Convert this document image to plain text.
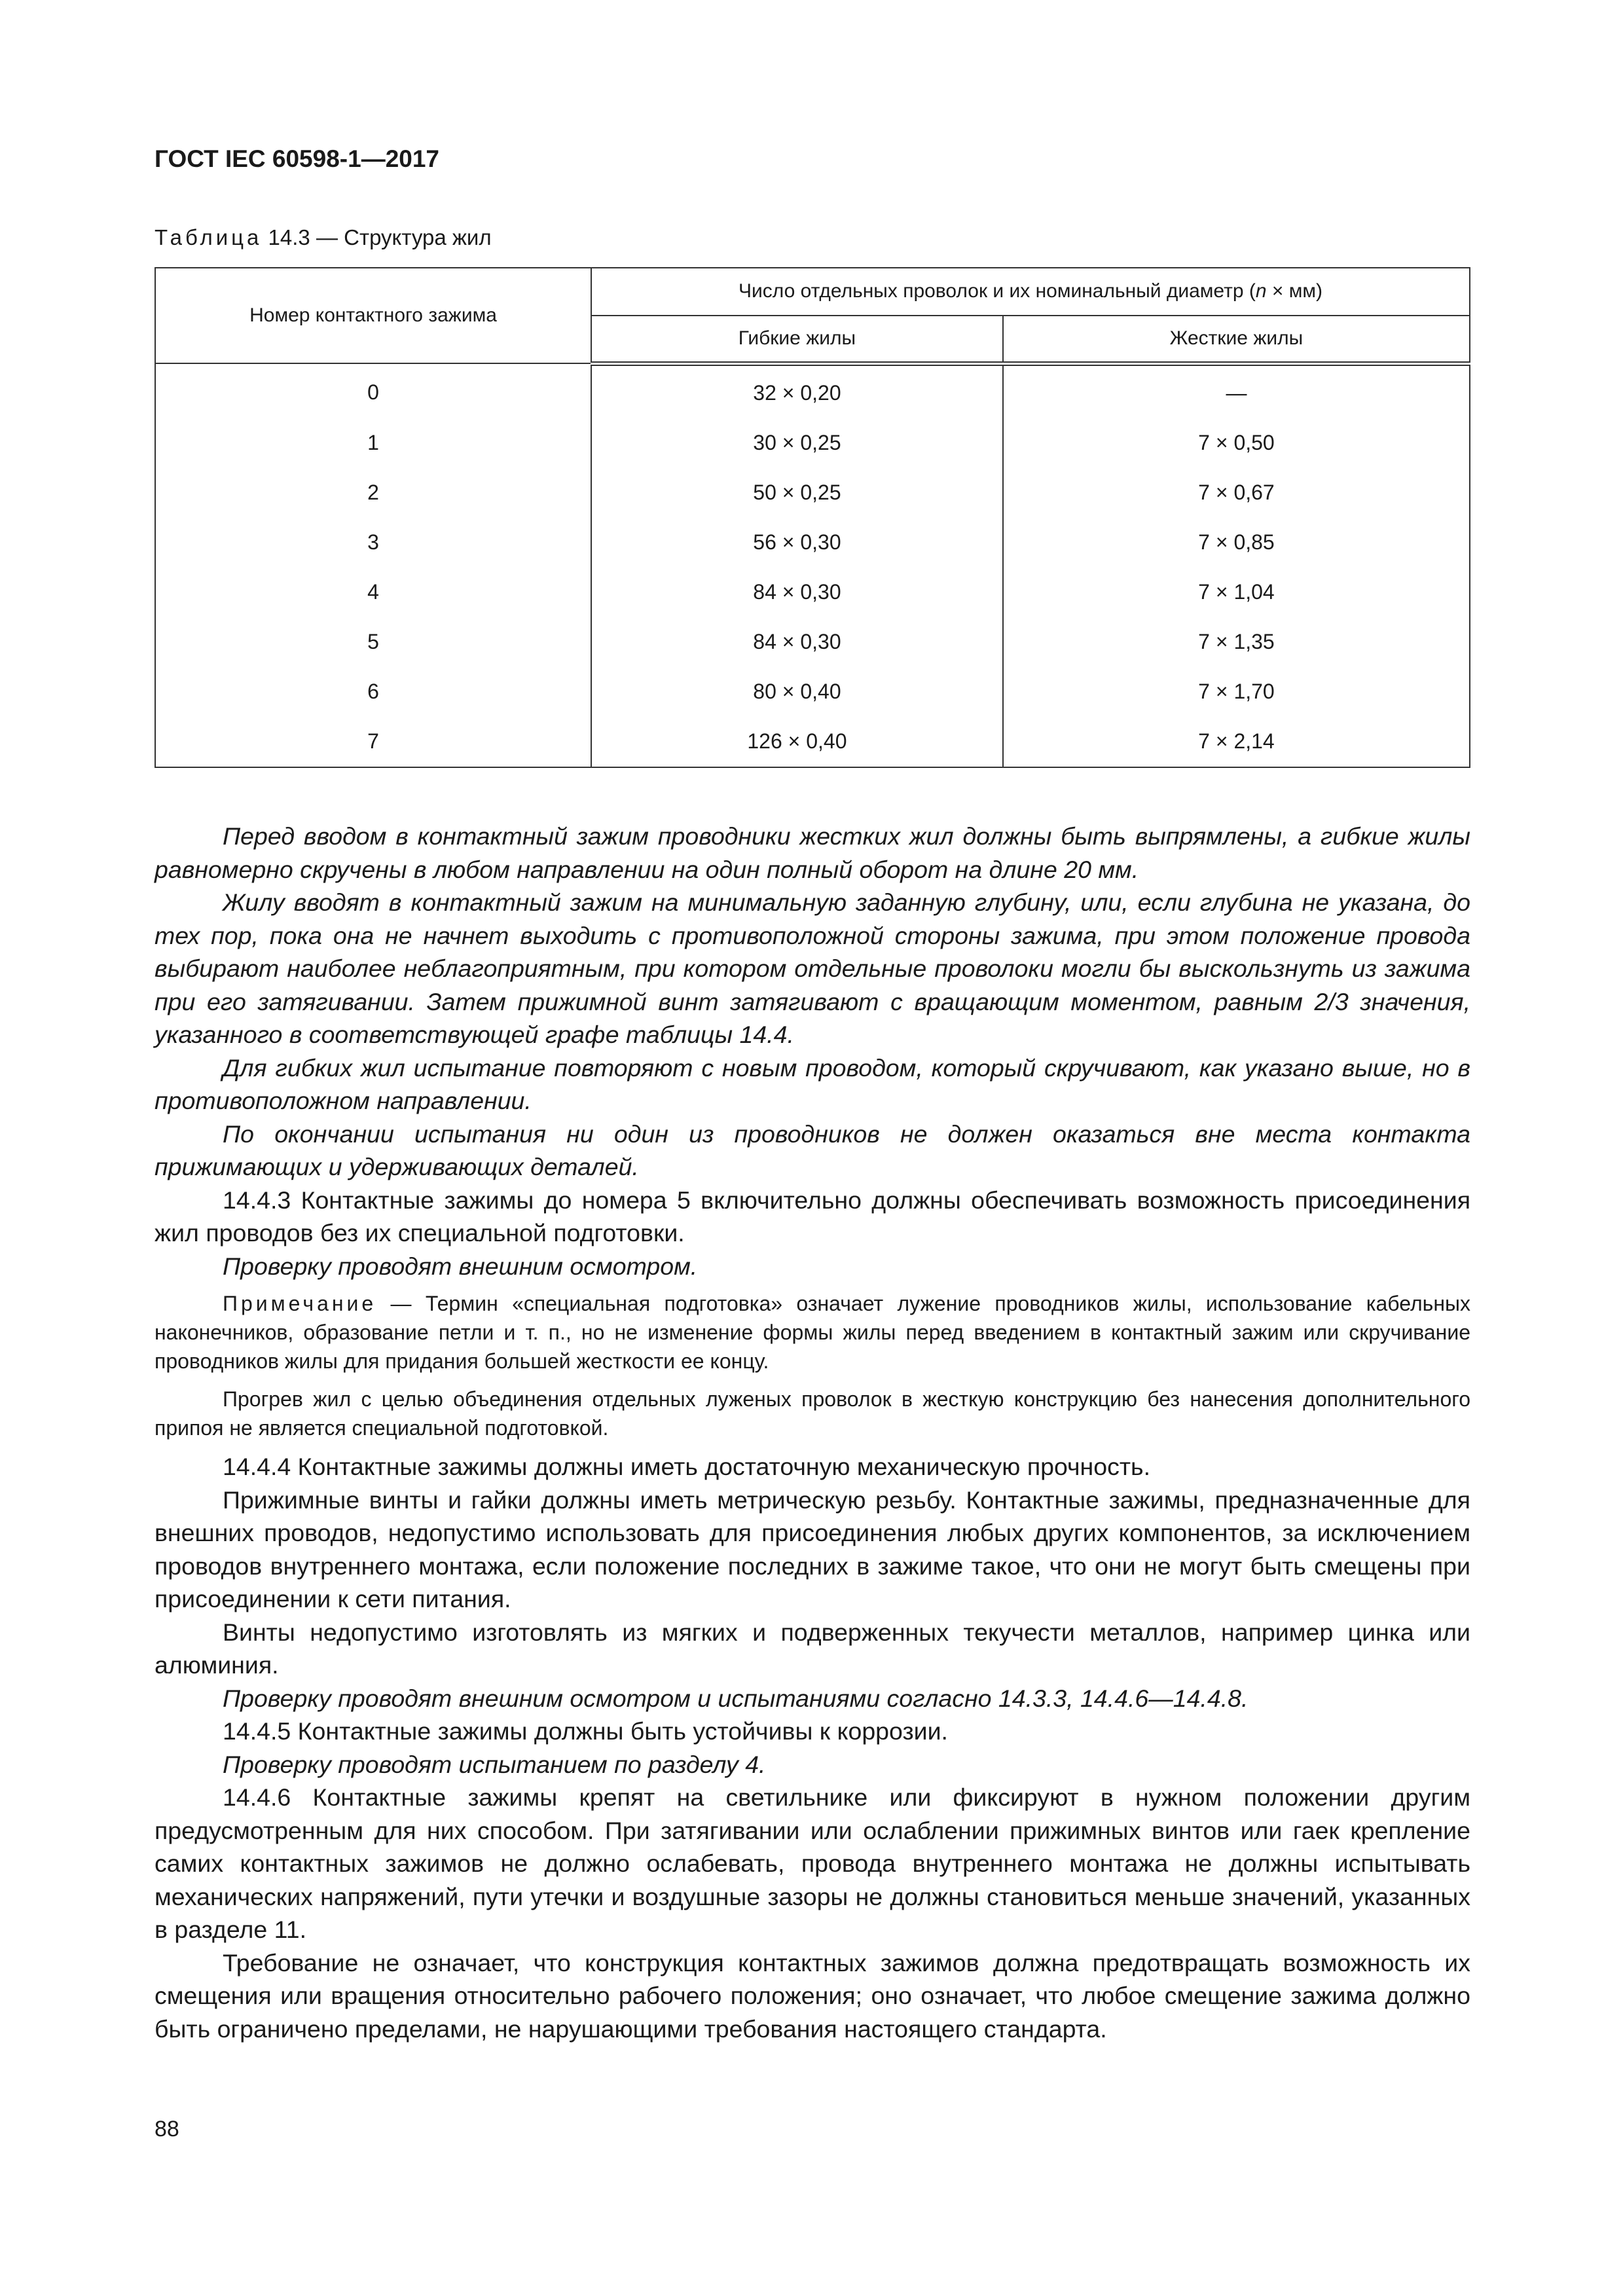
ГОСТ IEC 60598-1—2017
Таблица 14.3 — Структура жил
Номер контактного зажима	Число отдельных проволок и их номинальный диаметр (n × мм)	
	Гибкие жилы	Жесткие жилы
0	32 × 0,20	—
1	30 × 0,25	7 × 0,50
2	50 × 0,25	7 × 0,67
3	56 × 0,30	7 × 0,85
4	84 × 0,30	7 × 1,04
5	84 × 0,30	7 × 1,35
6	80 × 0,40	7 × 1,70
7	126 × 0,40	7 × 2,14

Перед вводом в контактный зажим проводники жестких жил должны быть выпрямлены, а гибкие жилы равномерно скручены в любом направлении на один полный оборот на длине 20 мм.

Жилу вводят в контактный зажим на минимальную заданную глубину, или, если глубина не указана, до тех пор, пока она не начнет выходить с противоположной стороны зажима, при этом положение провода выбирают наиболее неблагоприятным, при котором отдельные проволоки могли бы выскользнуть из зажима при его затягивании. Затем прижимной винт затягивают с вращающим моментом, равным 2/3 значения, указанного в соответствующей графе таблицы 14.4.

Для гибких жил испытание повторяют с новым проводом, который скручивают, как указано выше, но в противоположном направлении.

По окончании испытания ни один из проводников не должен оказаться вне места контакта прижимающих и удерживающих деталей.

14.4.3 Контактные зажимы до номера 5 включительно должны обеспечивать возможность присоединения жил проводов без их специальной подготовки.

Проверку проводят внешним осмотром.

Примечание — Термин «специальная подготовка» означает лужение проводников жилы, использование кабельных наконечников, образование петли и т. п., но не изменение формы жилы перед введением в контактный зажим или скручивание проводников жилы для придания большей жесткости ее концу.

Прогрев жил с целью объединения отдельных луженых проволок в жесткую конструкцию без нанесения дополнительного припоя не является специальной подготовкой.

14.4.4 Контактные зажимы должны иметь достаточную механическую прочность.

Прижимные винты и гайки должны иметь метрическую резьбу. Контактные зажимы, предназначенные для внешних проводов, недопустимо использовать для присоединения любых других компонентов, за исключением проводов внутреннего монтажа, если положение последних в зажиме такое, что они не могут быть смещены при присоединении к сети питания.

Винты недопустимо изготовлять из мягких и подверженных текучести металлов, например цинка или алюминия.

Проверку проводят внешним осмотром и испытаниями согласно 14.3.3, 14.4.6—14.4.8.

14.4.5 Контактные зажимы должны быть устойчивы к коррозии.

Проверку проводят испытанием по разделу 4.

14.4.6 Контактные зажимы крепят на светильнике или фиксируют в нужном положении другим предусмотренным для них способом. При затягивании или ослаблении прижимных винтов или гаек крепление самих контактных зажимов не должно ослабевать, провода внутреннего монтажа не должны испытывать механических напряжений, пути утечки и воздушные зазоры не должны становиться меньше значений, указанных в разделе 11.

Требование не означает, что конструкция контактных зажимов должна предотвращать возможность их смещения или вращения относительно рабочего положения; оно означает, что любое смещение зажима должно быть ограничено пределами, не нарушающими требования настоящего стандарта.

88
